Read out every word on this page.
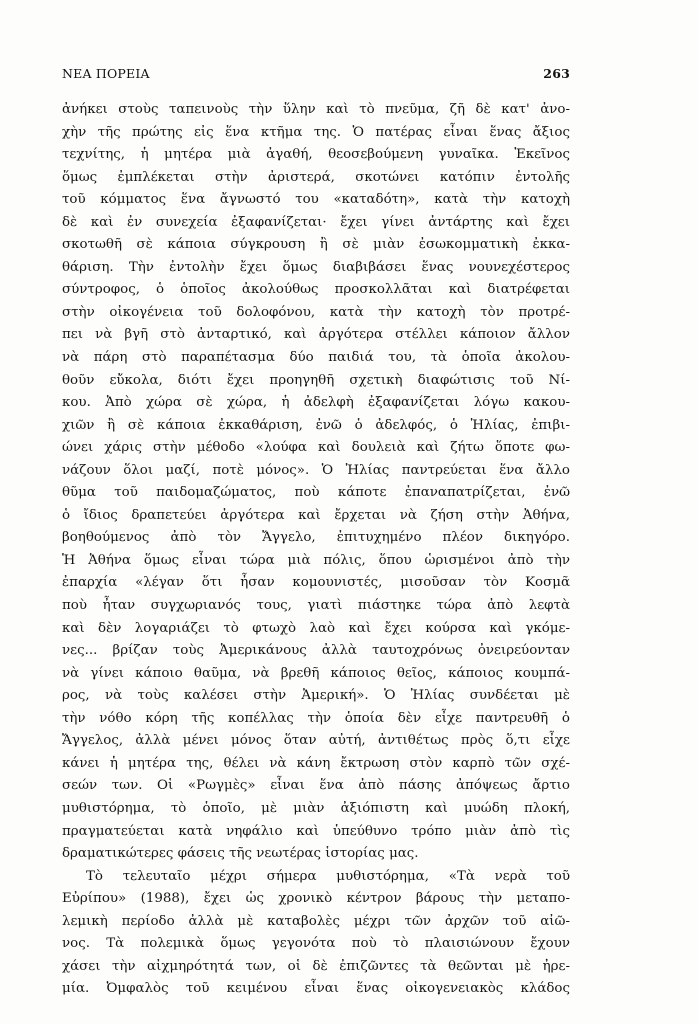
ΝΕΑ ΠΟΡΕΙΑ	263
ἀνήκει στοὺς ταπεινοὺς τὴν ὕλην καὶ τὸ πνεῦμα, ζῆ δὲ κατ' ἀνο-
χὴν τῆς πρώτης εἰς ἕνα κτῆμα της. Ὁ πατέρας εἶναι ἕνας ἄξιος
τεχνίτης, ἡ μητέρα μιὰ ἀγαθή, θεοσεβούμενη γυναῖκα. Ἐκεῖνος
ὅμως ἐμπλέκεται στὴν ἀριστερά, σκοτώνει κατόπιν ἐντολῆς
τοῦ κόμματος ἕνα ἄγνωστό του «καταδότη», κατὰ τὴν κατοχὴ
δὲ καὶ ἐν συνεχεία ἐξαφανίζεται· ἔχει γίνει ἀντάρτης καὶ ἔχει
σκοτωθῆ σὲ κάποια σύγκρουση ἢ σὲ μιὰν ἐσωκομματικὴ ἐκκα-
θάριση. Τὴν ἐντολὴν ἔχει ὅμως διαβιβάσει ἕνας νουνεχέστερος
σύντροφος, ὁ ὁποῖος ἀκολούθως προσκολλᾶται καὶ διατρέφεται
στὴν οἰκογένεια τοῦ δολοφόνου, κατὰ τὴν κατοχὴ τὸν προτρέ-
πει νὰ βγῆ στὸ ἀνταρτικό, καὶ ἀργότερα στέλλει κάποιον ἄλλον
νὰ πάρη στὸ παραπέτασμα δύο παιδιά του, τὰ ὁποῖα ἀκολου-
θοῦν εὔκολα, διότι ἔχει προηγηθῆ σχετικὴ διαφώτισις τοῦ Νί-
κου. Ἀπὸ χώρα σὲ χώρα, ἡ ἀδελφὴ ἐξαφανίζεται λόγω κακου-
χιῶν ἢ σὲ κάποια ἐκκαθάριση, ἐνῶ ὁ ἀδελφός, ὁ Ἠλίας, ἐπιβι-
ώνει χάρις στὴν μέθοδο «λούφα καὶ δουλειὰ καὶ ζήτω ὅποτε φω-
νάζουν ὅλοι μαζί, ποτὲ μόνος». Ὁ Ἠλίας παντρεύεται ἕνα ἄλλο
θῦμα τοῦ παιδομαζώματος, ποὺ κάποτε ἐπαναπατρίζεται, ἐνῶ
ὁ ἴδιος δραπετεύει ἀργότερα καὶ ἔρχεται νὰ ζήση στὴν Ἀθήνα,
βοηθούμενος ἀπὸ τὸν Ἄγγελο, ἐπιτυχημένο πλέον δικηγόρο.
Ἡ Ἀθήνα ὅμως εἶναι τώρα μιὰ πόλις, ὅπου ὡρισμένοι ἀπὸ τὴν
ἐπαρχία «λέγαν ὅτι ἦσαν κομουνιστές, μισοῦσαν τὸν Κοσμᾶ
ποὺ ἦταν συγχωριανός τους, γιατὶ πιάστηκε τώρα ἀπὸ λεφτὰ
καὶ δὲν λογαριάζει τὸ φτωχὸ λαὸ καὶ ἔχει κούρσα καὶ γκόμε-
νες... βρίζαν τοὺς Ἀμερικάνους ἀλλὰ ταυτοχρόνως ὀνειρεύονταν
νὰ γίνει κάποιο θαῦμα, νὰ βρεθῆ κάποιος θεῖος, κάποιος κουμπά-
ρος, νὰ τοὺς καλέσει στὴν Ἀμερική». Ὁ Ἠλίας συνδέεται μὲ
τὴν νόθο κόρη τῆς κοπέλλας τὴν ὁποία δὲν εἶχε παντρευθῆ ὁ
Ἄγγελος, ἀλλὰ μένει μόνος ὅταν αὐτή, ἀντιθέτως πρὸς ὅ,τι εἶχε
κάνει ἡ μητέρα της, θέλει νὰ κάνη ἔκτρωση στὸν καρπὸ τῶν σχέ-
σεών των. Οἱ «Ρωγμὲς» εἶναι ἕνα ἀπὸ πάσης ἀπόψεως ἄρτιο
μυθιστόρημα, τὸ ὁποῖο, μὲ μιὰν ἀξιόπιστη καὶ μυώδη πλοκή,
πραγματεύεται κατὰ νηφάλιο καὶ ὑπεύθυνο τρόπο μιὰν ἀπὸ τὶς
δραματικώτερες φάσεις τῆς νεωτέρας ἱστορίας μας.
Τὸ τελευταῖο μέχρι σήμερα μυθιστόρημα, «Τὰ νερὰ τοῦ
Εὐρίπου» (1988), ἔχει ὡς χρονικὸ κέντρον βάρους τὴν μεταπο-
λεμικὴ περίοδο ἀλλὰ μὲ καταβολὲς μέχρι τῶν ἀρχῶν τοῦ αἰῶ-
νος. Τὰ πολεμικὰ ὅμως γεγονότα ποὺ τὸ πλαισιώνουν ἔχουν
χάσει τὴν αἰχμηρότητά των, οἱ δὲ ἐπιζῶντες τὰ θεῶνται μὲ ἠρε-
μία. Ὀμφαλὸς τοῦ κειμένου εἶναι ἕνας οἰκογενειακὸς κλάδος
